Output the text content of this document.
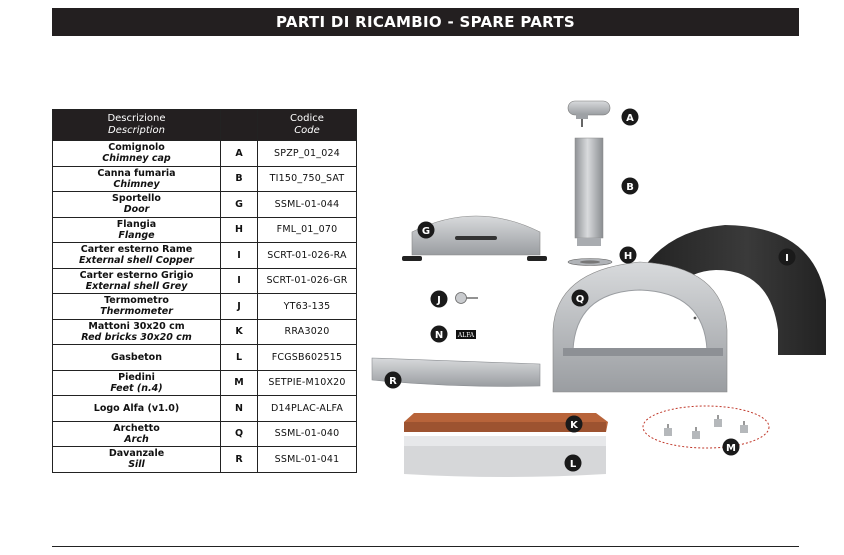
PARTI DI RICAMBIO - SPARE PARTS
Descrizione
Description		Codice
Code

Comignolo
Chimney cap	A	SPZP_01_024

Canna fumaria
Chimney	B	TI150_750_SAT

Sportello
Door	G	SSML-01-044

Flangia
Flange	H	FML_01_070

Carter esterno Rame
External shell Copper	I	SCRT-01-026-RA

Carter esterno Grigio
External shell Grey	I	SCRT-01-026-GR

Termometro
Thermometer	J	YT63-135

Mattoni 30x20 cm
Red bricks 30x20 cm	K	RRA3020

Gasbeton	L	FCGSB602515

Piedini
Feet (n.4)	M	SETPIE-M10X20

Logo Alfa (v1.0)	N	D14PLAC-ALFA

Archetto
Arch	Q	SSML-01-040

Davanzale
Sill	R	SSML-01-041
ALFA
A
B
G
H	I
J	Q
N
R
K
L
M
